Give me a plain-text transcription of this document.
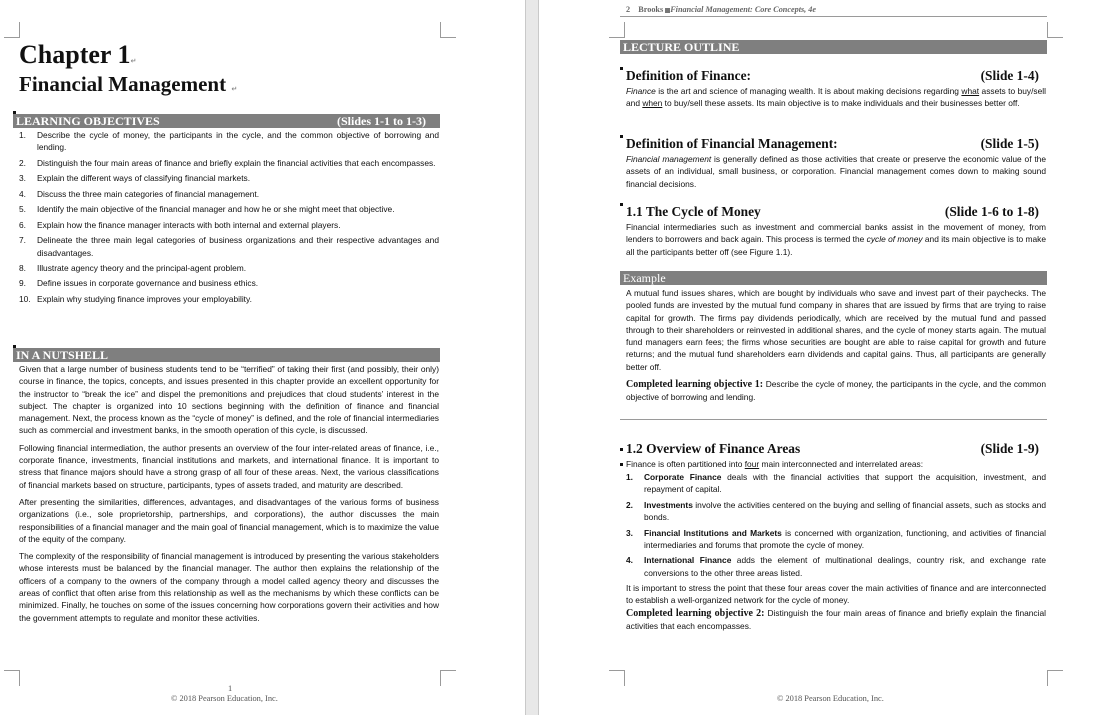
Chapter 1↵
Financial Management ↵
LEARNING OBJECTIVES	(Slides 1-1 to 1-3)
1. Describe the cycle of money, the participants in the cycle, and the common objective of borrowing and lending.
2. Distinguish the four main areas of finance and briefly explain the financial activities that each encompasses.
3. Explain the different ways of classifying financial markets.
4. Discuss the three main categories of financial management.
5. Identify the main objective of the financial manager and how he or she might meet that objective.
6. Explain how the finance manager interacts with both internal and external players.
7. Delineate the three main legal categories of business organizations and their respective advantages and disadvantages.
8. Illustrate agency theory and the principal-agent problem.
9. Define issues in corporate governance and business ethics.
10. Explain why studying finance improves your employability.
IN A NUTSHELL

Given that a large number of business students tend to be “terrified” of taking their first (and possibly, their only) course in finance, the topics, concepts, and issues presented in this chapter provide an excellent opportunity for the instructor to “break the ice” and dispel the premonitions and prejudices that cloud students’ interest in the subject. The chapter is organized into 10 sections beginning with the definition of finance and financial management. Next, the process known as the “cycle of money” is defined, and the role of financial intermediaries such as commercial and investment banks, in the smooth operation of this cycle, is discussed.

Following financial intermediation, the author presents an overview of the four inter-related areas of finance, i.e., corporate finance, investments, financial institutions and markets, and international finance. It is important to stress that finance majors should have a strong grasp of all four of these areas. Next, the various classifications of financial markets based on structure, participants, types of assets traded, and maturity are described.

After presenting the similarities, differences, advantages, and disadvantages of the various forms of business organizations (i.e., sole proprietorship, partnerships, and corporations), the author discusses the main responsibilities of a financial manager and the main goal of financial management, which is to maximize the value of the equity of the company.

The complexity of the responsibility of financial management is introduced by presenting the various stakeholders whose interests must be balanced by the financial manager. The author then explains the relationship of the officers of a company to the owners of the company through a model called agency theory and discusses the areas of conflict that often arise from this relationship as well as the mechanisms by which these conflicts can be minimized. Finally, he touches on some of the issues concerning how corporations govern their activities and how the government attempts to regulate and monitor these activities.

1
© 2018 Pearson Education, Inc.
2 Brooks Financial Management: Core Concepts, 4e
LECTURE OUTLINE
Definition of Finance:	(Slide 1-4)
Finance is the art and science of managing wealth. It is about making decisions regarding what assets to buy/sell and when to buy/sell these assets. Its main objective is to make individuals and their businesses better off.
Definition of Financial Management:	(Slide 1-5)
Financial management is generally defined as those activities that create or preserve the economic value of the assets of an individual, small business, or corporation. Financial management comes down to making sound financial decisions.
1.1 The Cycle of Money	(Slide 1-6 to 1-8)
Financial intermediaries such as investment and commercial banks assist in the movement of money, from lenders to borrowers and back again. This process is termed the cycle of money and its main objective is to make all the participants better off (see Figure 1.1).
Example

A mutual fund issues shares, which are bought by individuals who save and invest part of their paychecks. The pooled funds are invested by the mutual fund company in shares that are issued by firms that are trying to raise capital for growth. The firms pay dividends periodically, which are received by the mutual fund and passed through to their shareholders or reinvested in additional shares, and the cycle of money starts again. The mutual fund managers earn fees; the firms whose securities are bought are able to raise capital for growth and future returns; and the mutual fund shareholders earn dividends and capital gains. Thus, all participants are generally better off.

Completed learning objective 1: Describe the cycle of money, the participants in the cycle, and the common objective of borrowing and lending.

1.2 Overview of Finance Areas	(Slide 1-9)
Finance is often partitioned into four main interconnected and interrelated areas:
1. Corporate Finance deals with the financial activities that support the acquisition, investment, and repayment of capital.
2. Investments involve the activities centered on the buying and selling of financial assets, such as stocks and bonds.
3. Financial Institutions and Markets is concerned with organization, functioning, and activities of financial intermediaries and forums that promote the cycle of money.
4. International Finance adds the element of multinational dealings, country risk, and exchange rate conversions to the other three areas listed.

It is important to stress the point that these four areas cover the main activities of finance and are interconnected to establish a well-organized network for the cycle of money.

Completed learning objective 2: Distinguish the four main areas of finance and briefly explain the financial activities that each encompasses.

© 2018 Pearson Education, Inc.
